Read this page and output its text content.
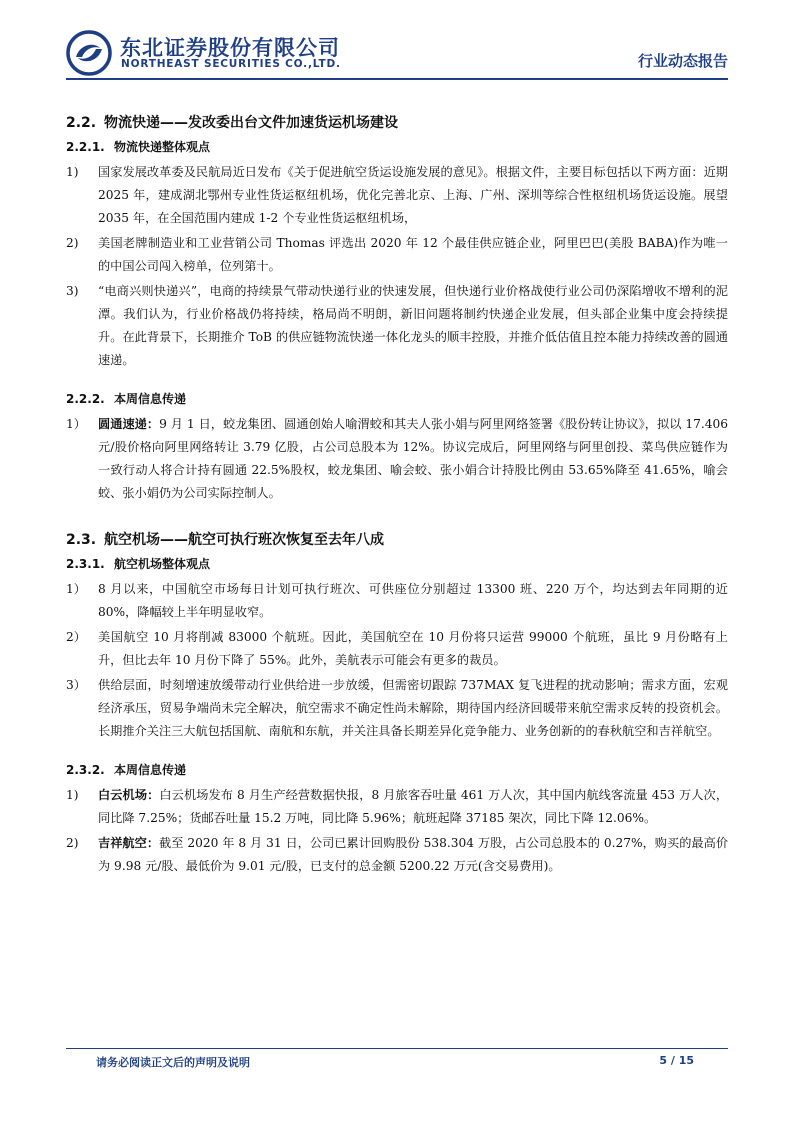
东北证券股份有限公司
NORTHEAST SECURITIES CO.,LTD.	行业动态报告
2.2. 物流快递——发改委出台文件加速货运机场建设
2.2.1. 物流快递整体观点
1) 国家发展改革委及民航局近日发布《关于促进航空货运设施发展的意见》。根据文件，主要目标包括以下两方面：近期 2025 年，建成湖北鄂州专业性货运枢纽机场，优化完善北京、上海、广州、深圳等综合性枢纽机场货运设施。展望 2035 年，在全国范围内建成 1-2 个专业性货运枢纽机场，
2) 美国老牌制造业和工业营销公司 Thomas 评选出 2020 年 12 个最佳供应链企业，阿里巴巴(美股 BABA)作为唯一的中国公司闯入榜单，位列第十。
3) “电商兴则快递兴”，电商的持续景气带动快递行业的快速发展，但快递行业价格战使行业公司仍深陷增收不增利的泥潭。我们认为，行业价格战仍将持续，格局尚不明朗，新旧问题将制约快递企业发展，但头部企业集中度会持续提升。在此背景下，长期推介 ToB 的供应链物流快递一体化龙头的顺丰控股，并推介低估值且控本能力持续改善的圆通速递。
2.2.2. 本周信息传递
1） 圆通速递：9 月 1 日，蛟龙集团、圆通创始人喻渭蛟和其夫人张小娟与阿里网络签署《股份转让协议》，拟以 17.406 元/股价格向阿里网络转让 3.79 亿股，占公司总股本为 12%。协议完成后，阿里网络与阿里创投、菜鸟供应链作为一致行动人将合计持有圆通 22.5%股权，蛟龙集团、喻会蛟、张小娟合计持股比例由 53.65%降至 41.65%，喻会蛟、张小娟仍为公司实际控制人。
2.3. 航空机场——航空可执行班次恢复至去年八成
2.3.1. 航空机场整体观点
1） 8 月以来，中国航空市场每日计划可执行班次、可供座位分别超过 13300 班、220 万个，均达到去年同期的近 80%，降幅较上半年明显收窄。
2） 美国航空 10 月将削减 83000 个航班。因此，美国航空在 10 月份将只运营 99000 个航班，虽比 9 月份略有上升，但比去年 10 月份下降了 55%。此外，美航表示可能会有更多的裁员。
3） 供给层面，时刻增速放缓带动行业供给进一步放缓，但需密切跟踪 737MAX 复飞进程的扰动影响；需求方面，宏观经济承压，贸易争端尚未完全解决，航空需求不确定性尚未解除，期待国内经济回暖带来航空需求反转的投资机会。长期推介关注三大航包括国航、南航和东航，并关注具备长期差异化竞争能力、业务创新的的春秋航空和吉祥航空。
2.3.2. 本周信息传递
1) 白云机场：白云机场发布 8 月生产经营数据快报，8 月旅客吞吐量 461 万人次，其中国内航线客流量 453 万人次，同比降 7.25%；货邮吞吐量 15.2 万吨，同比降 5.96%；航班起降 37185 架次，同比下降 12.06%。
2) 吉祥航空：截至 2020 年 8 月 31 日，公司已累计回购股份 538.304 万股，占公司总股本的 0.27%，购买的最高价为 9.98 元/股、最低价为 9.01 元/股，已支付的总金额 5200.22 万元(含交易费用)。
请务必阅读正文后的声明及说明	5 / 15
